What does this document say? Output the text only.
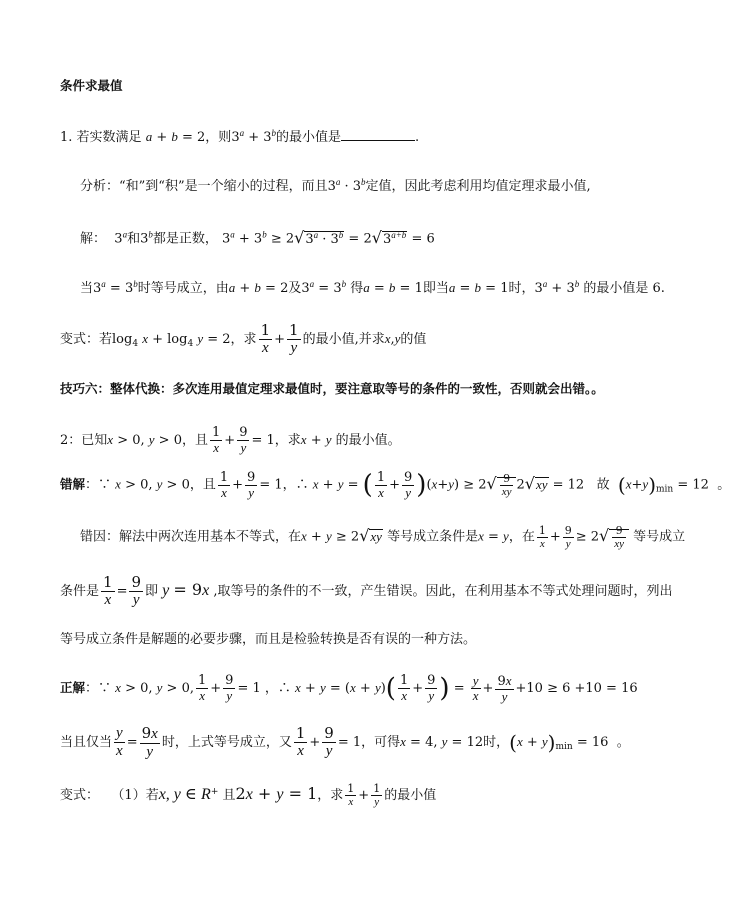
条件求最值
1. 若实数满足 a + b = 2，则$3^a + 3^b$的最小值是	.
分析：“和”到“积”是一个缩小的过程，而且$3^a \cdot 3^b$定值，因此考虑利用均值定理求最小值,
解：  3$^a$和3$^b$都是正数， $3^a + 3^b \ge 2√3^a \cdot 3^b = 2√3^{a+b} = 6$
当$3^a = 3^b$时等号成立，由a + b = 2及$3^a = 3^b$ 得a = b = 1即当a = b = 1时，$3^a + 3^b$ 的最小值是 6.
变式：若$\log_4 x + \log_4 y = 2$，求 $\frac{1}{x} + \frac{1}{y}$ 的最小值,并求x,y的值
技巧六：整体代换：多次连用最值定理求最值时，要注意取等号的条件的一致性，否则就会出错。。
2：已知x > 0, y > 0，且 $\frac{1}{x} + \frac{9}{y} = 1$，求x + y 的最小值。
错解：∵ x > 0, y > 0，且 $\frac{1}{x} + \frac{9}{y} = 1$，∴ x + y = ( $\frac{1}{x} + \frac{9}{y} )(x+y) \ge 2√ \frac{9}{xy} 2√xy = 12$ 故 $(x+y)_{min} = 12$ 。
错因：解法中两次连用基本不等式，在x + y ≥ 2√xy 等号成立条件是x = y，在 $\frac{1}{x} + \frac{9}{y} \ge 2√ \frac{9}{xy}$ 等号成立
条件是 $\frac{1}{x} = \frac{9}{y}$ 即 y = 9x ,取等号的条件的不一致，产生错误。因此，在利用基本不等式处理问题时，列出
等号成立条件是解题的必要步骤，而且是检验转换是否有误的一种方法。
正解：∵ x > 0, y > 0, $\frac{1}{x} + \frac{9}{y} = 1$ ，∴ $x + y = (x + y)( \frac{1}{x} + \frac{9}{y}$ ) = $\frac{y}{x} + \frac{9x}{y} +10 \ge 6 +10 = 16$
当且仅当 $\frac{y}{x} = \frac{9x}{y}$ 时，上式等号成立，又 $\frac{1}{x} + \frac{9}{y} = 1$，可得x = 4, y = 12时，$(x + y)_{min} = 16$ 。
变式： （1）若x, y ∈ R+ 且2x + y = 1，求 $\frac{1}{x} + \frac{1}{y}$ 的最小值
